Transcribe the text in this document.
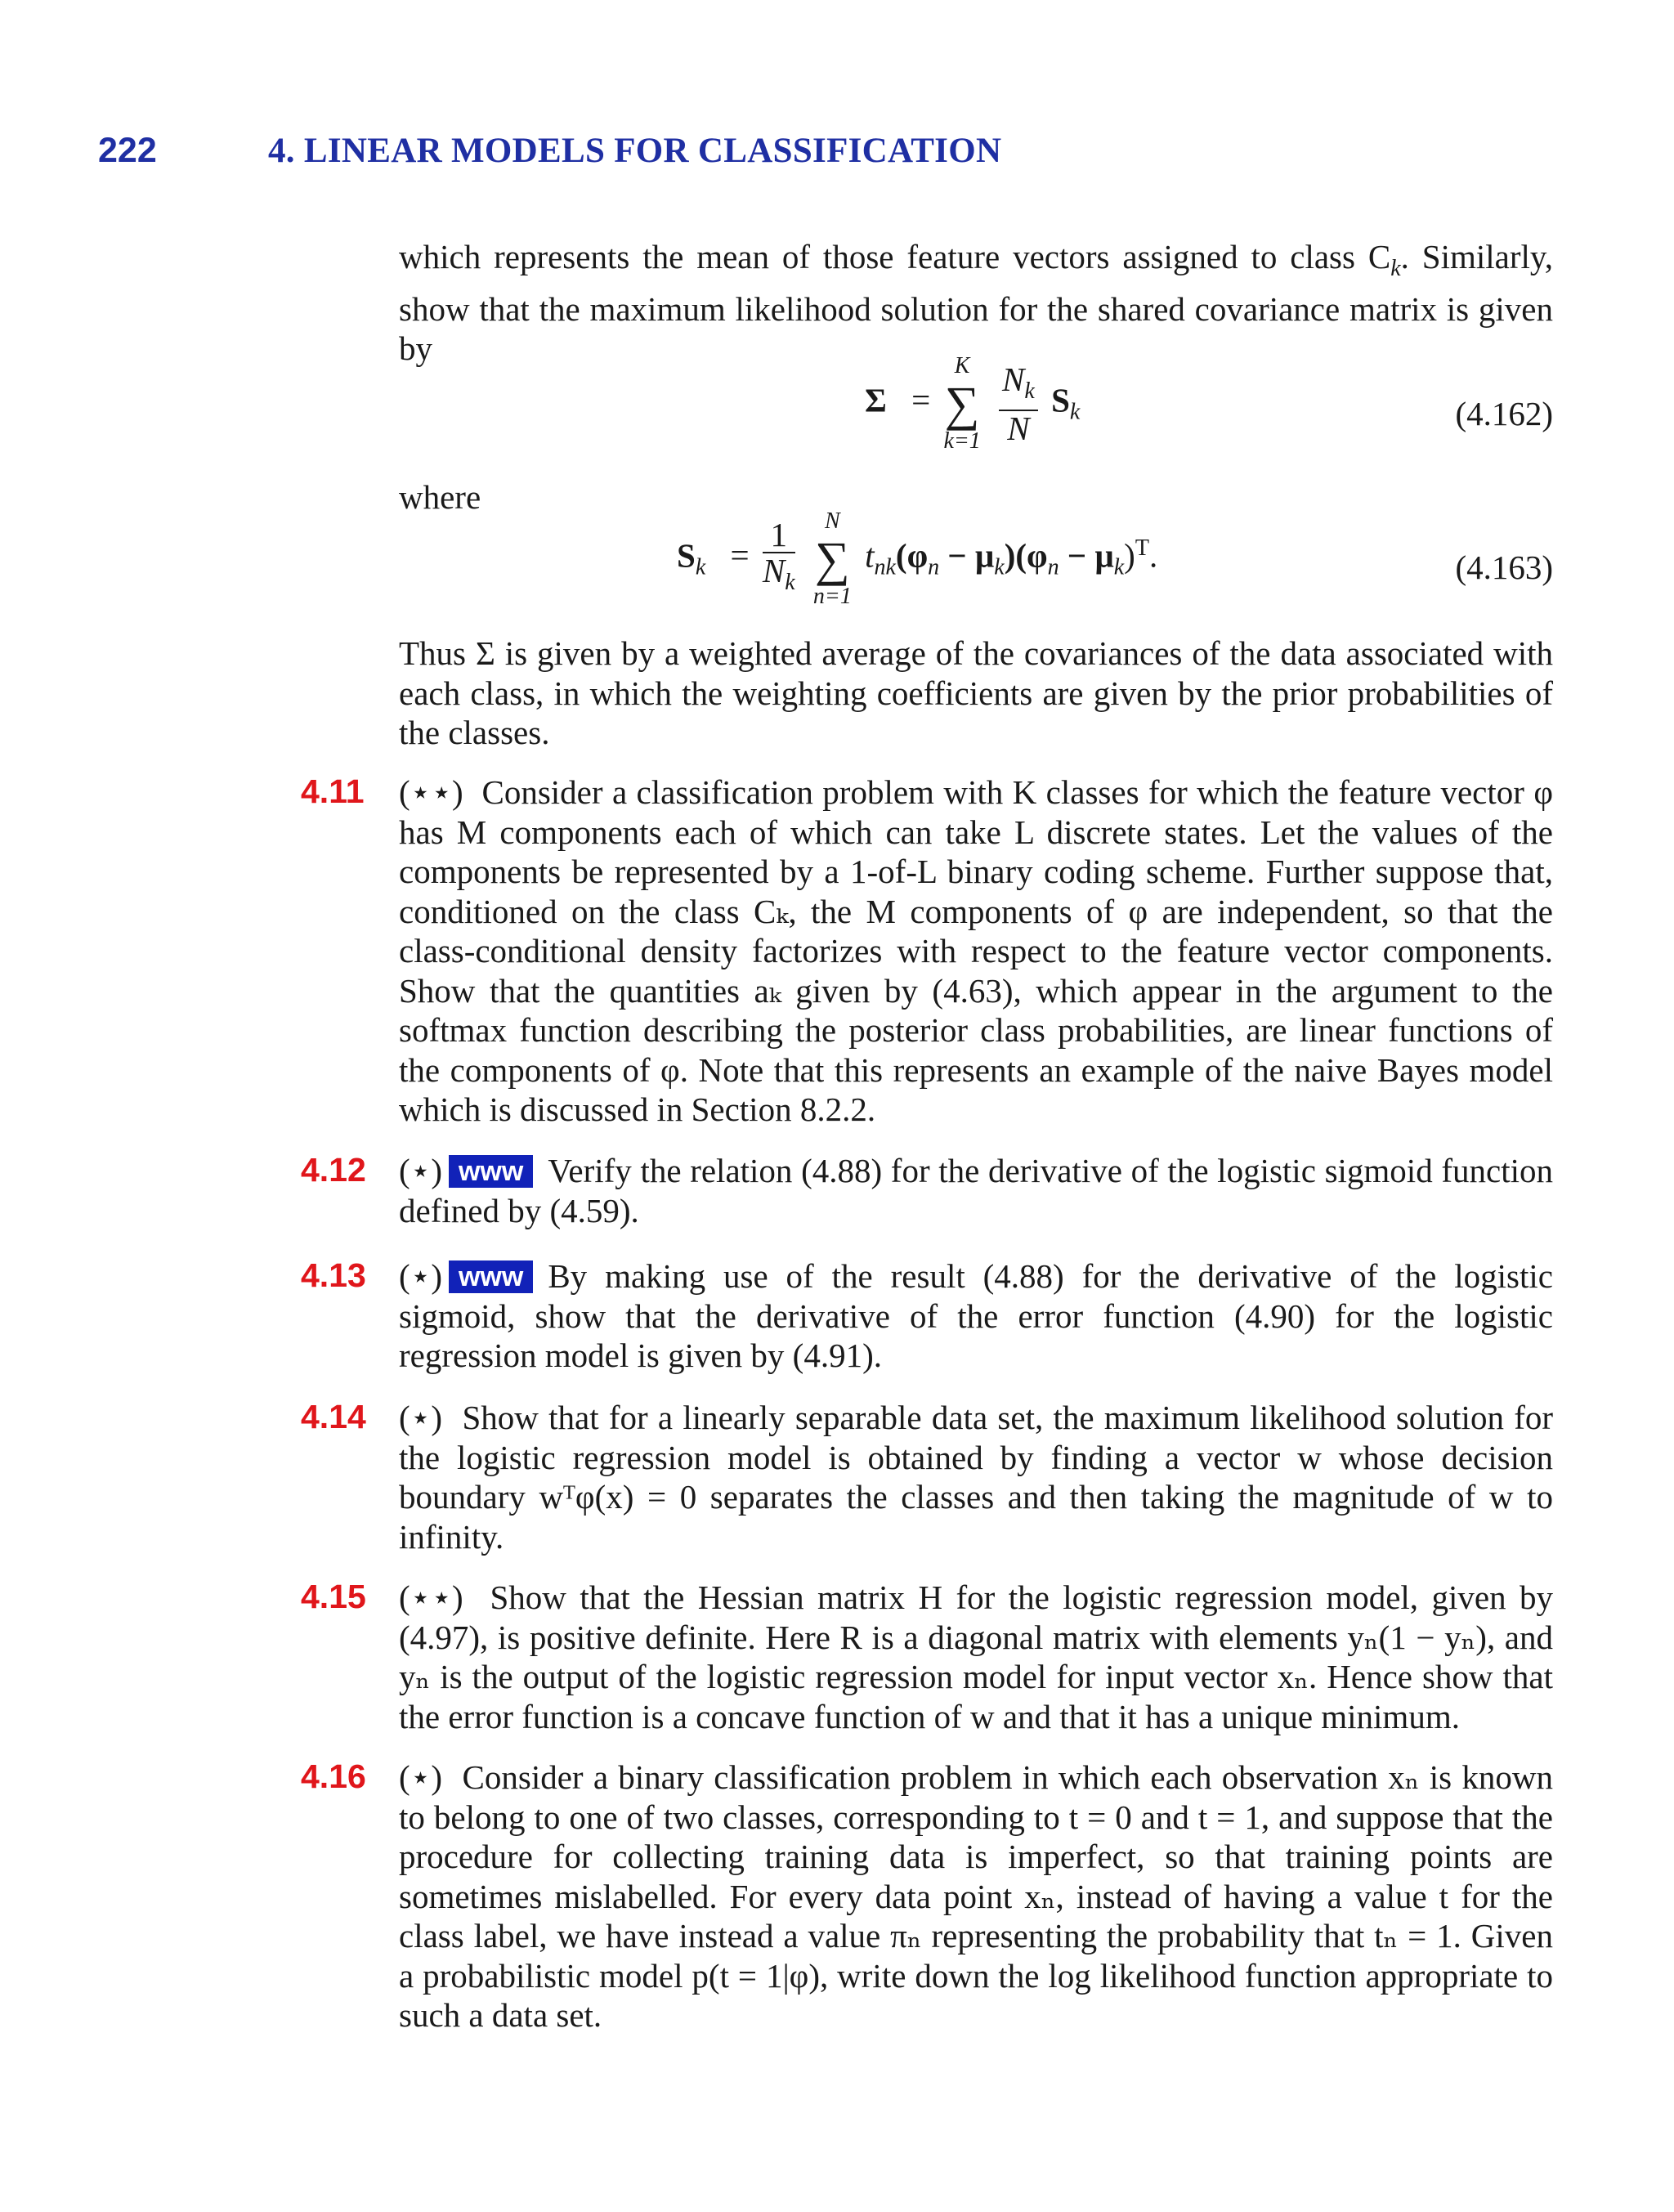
222	4. LINEAR MODELS FOR CLASSIFICATION
which represents the mean of those feature vectors assigned to class $C_k$. Similarly, show that the maximum likelihood solution for the shared covariance matrix is given by
Σ =
K
∑
k=1
$\frac{N_k}{N} S_k$	(4.162)
where
$S_k = \frac{1}{N_k}$
	N
∑
n=1
$t_{nk}(\varphi_n - \mu_k)(\varphi_n - \mu_k)^T$.	(4.163)
Thus Σ is given by a weighted average of the covariances of the data associated with each class, in which the weighting coefficients are given by the prior probabilities of the classes.
4.11 (⋆⋆) Consider a classification problem with K classes for which the feature vector φ has M components each of which can take L discrete states. Let the values of the components be represented by a 1-of-L binary coding scheme. Further suppose that, conditioned on the class Cₖ, the M components of φ are independent, so that the class-conditional density factorizes with respect to the feature vector components. Show that the quantities aₖ given by (4.63), which appear in the argument to the softmax function describing the posterior class probabilities, are linear functions of the components of φ. Note that this represents an example of the naive Bayes model which is discussed in Section 8.2.2.
4.12 (⋆) www Verify the relation (4.88) for the derivative of the logistic sigmoid function defined by (4.59).
4.13 (⋆) www By making use of the result (4.88) for the derivative of the logistic sigmoid, show that the derivative of the error function (4.90) for the logistic regression model is given by (4.91).
4.14 (⋆) Show that for a linearly separable data set, the maximum likelihood solution for the logistic regression model is obtained by finding a vector w whose decision boundary wᵀφ(x) = 0 separates the classes and then taking the magnitude of w to infinity.
4.15 (⋆⋆) Show that the Hessian matrix H for the logistic regression model, given by (4.97), is positive definite. Here R is a diagonal matrix with elements yₙ(1 − yₙ), and yₙ is the output of the logistic regression model for input vector xₙ. Hence show that the error function is a concave function of w and that it has a unique minimum.
4.16 (⋆) Consider a binary classification problem in which each observation xₙ is known to belong to one of two classes, corresponding to t = 0 and t = 1, and suppose that the procedure for collecting training data is imperfect, so that training points are sometimes mislabelled. For every data point xₙ, instead of having a value t for the class label, we have instead a value πₙ representing the probability that tₙ = 1. Given a probabilistic model p(t = 1|φ), write down the log likelihood function appropriate to such a data set.
